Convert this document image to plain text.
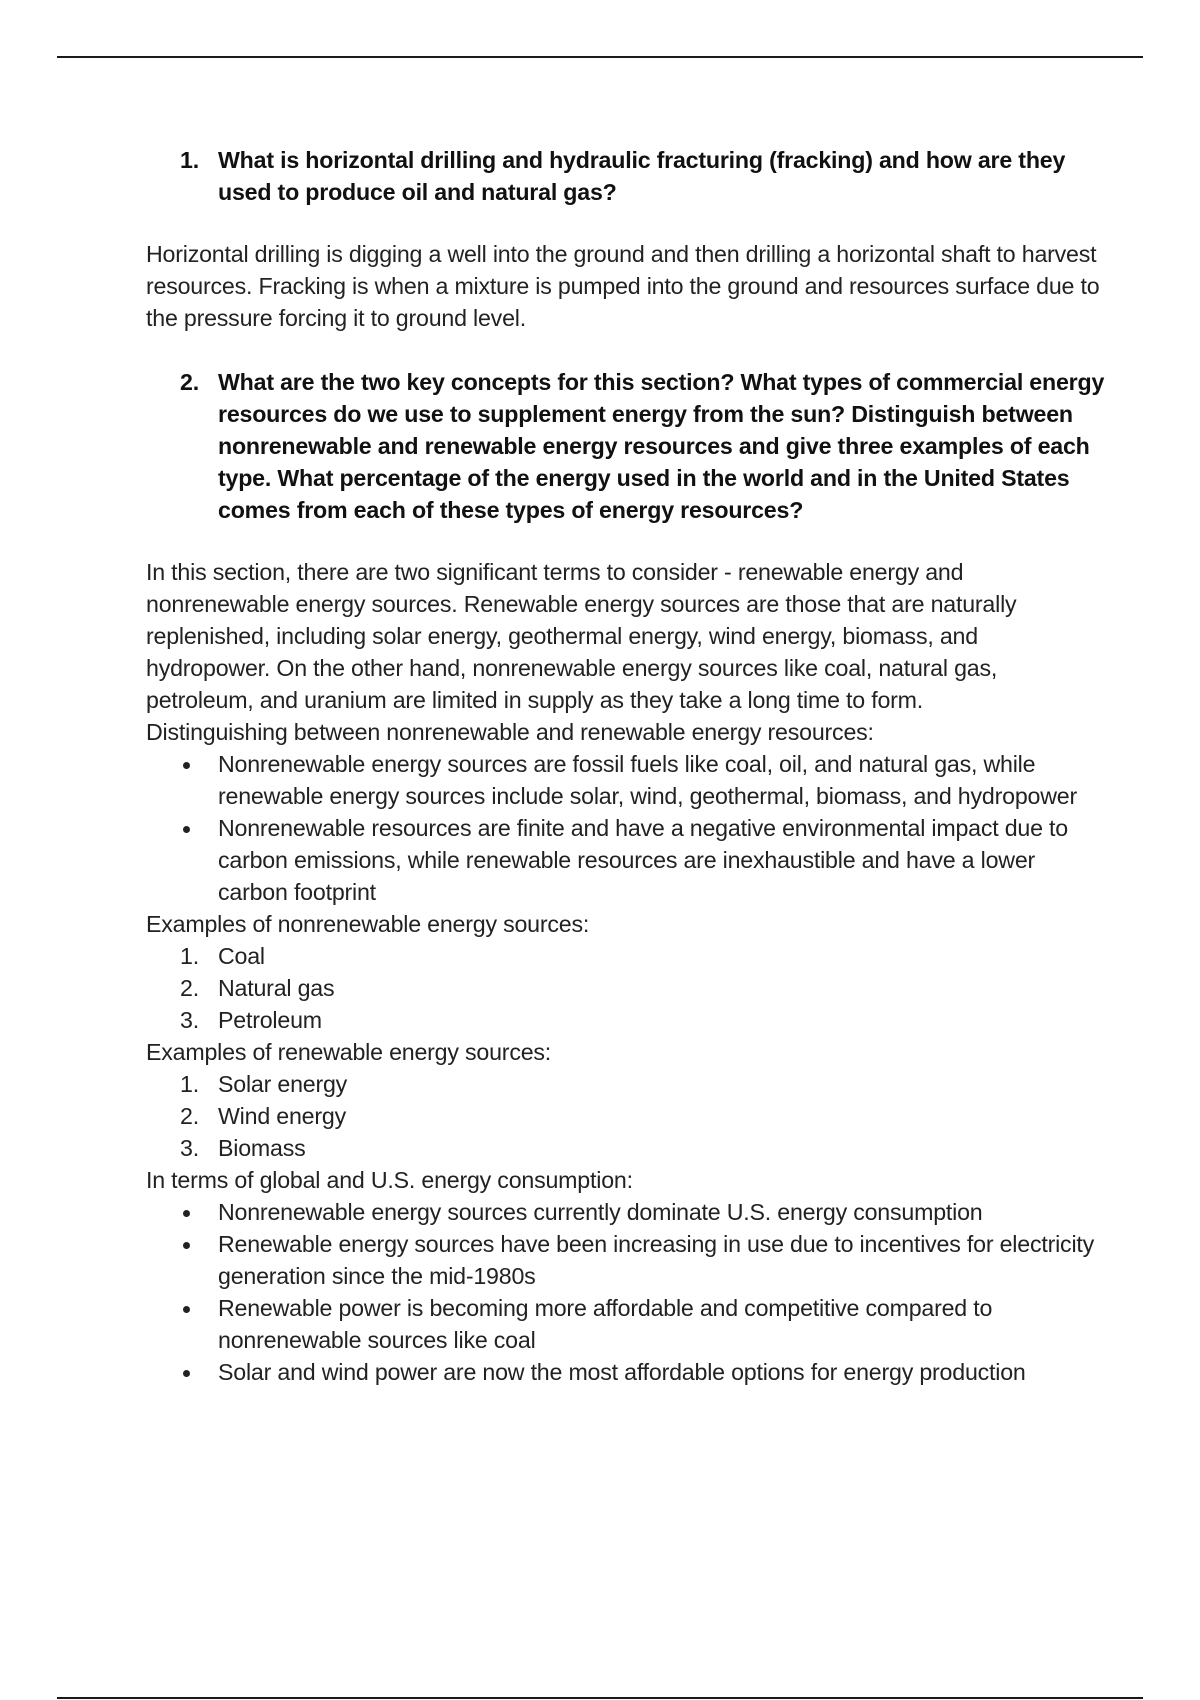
1. What is horizontal drilling and hydraulic fracturing (fracking) and how are they used to produce oil and natural gas?

Horizontal drilling is digging a well into the ground and then drilling a horizontal shaft to harvest resources. Fracking is when a mixture is pumped into the ground and resources surface due to the pressure forcing it to ground level.

2. What are the two key concepts for this section? What types of commercial energy resources do we use to supplement energy from the sun? Distinguish between nonrenewable and renewable energy resources and give three examples of each type. What percentage of the energy used in the world and in the United States comes from each of these types of energy resources?

In this section, there are two significant terms to consider - renewable energy and nonrenewable energy sources. Renewable energy sources are those that are naturally replenished, including solar energy, geothermal energy, wind energy, biomass, and hydropower. On the other hand, nonrenewable energy sources like coal, natural gas, petroleum, and uranium are limited in supply as they take a long time to form.

Distinguishing between nonrenewable and renewable energy resources:

Nonrenewable energy sources are fossil fuels like coal, oil, and natural gas, while renewable energy sources include solar, wind, geothermal, biomass, and hydropower
Nonrenewable resources are finite and have a negative environmental impact due to carbon emissions, while renewable resources are inexhaustible and have a lower carbon footprint

Examples of nonrenewable energy sources:

1. Coal
2. Natural gas
3. Petroleum

Examples of renewable energy sources:

1. Solar energy
2. Wind energy
3. Biomass

In terms of global and U.S. energy consumption:

Nonrenewable energy sources currently dominate U.S. energy consumption
Renewable energy sources have been increasing in use due to incentives for electricity generation since the mid-1980s
Renewable power is becoming more affordable and competitive compared to nonrenewable sources like coal
Solar and wind power are now the most affordable options for energy production
